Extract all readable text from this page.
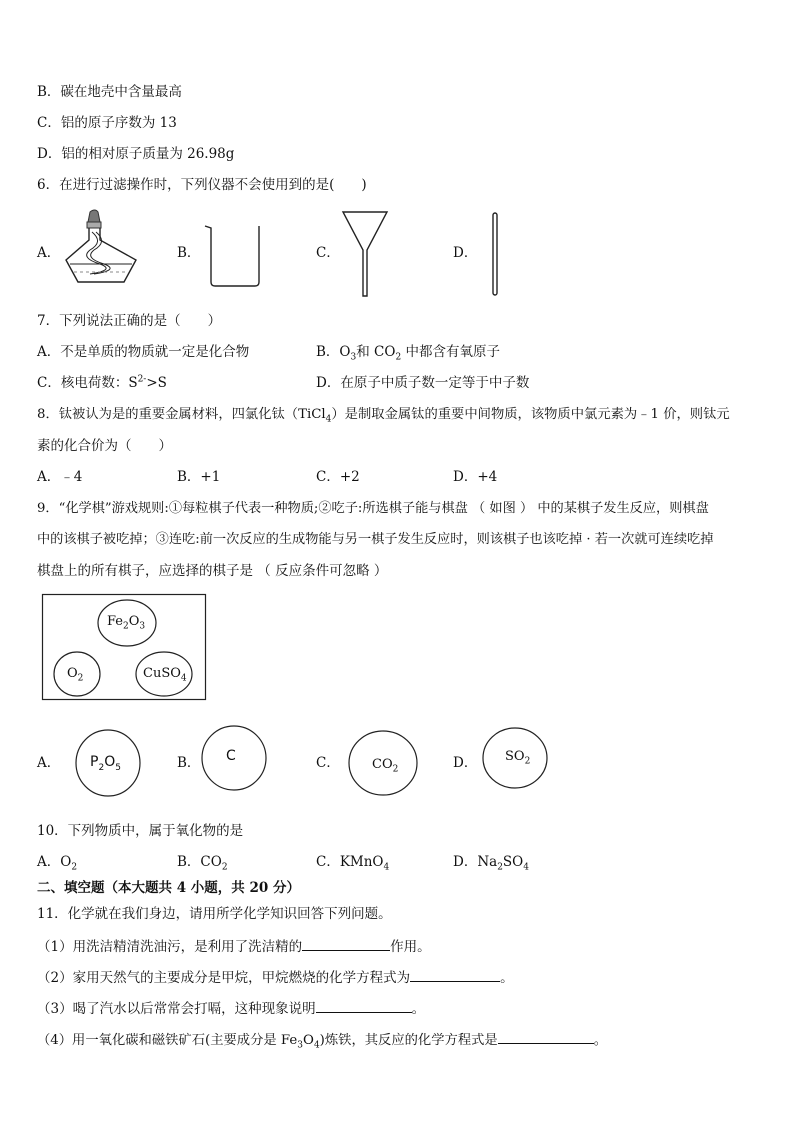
B．碳在地壳中含量最高
C．铝的原子序数为 13
D．铝的相对原子质量为 26.98g
6．在进行过滤操作时，下列仪器不会使用到的是(　　)
A．	B．	C．	D．
7．下列说法正确的是（　　）
A．不是单质的物质就一定是化合物	B．$O_3$和 $CO_2$ 中都含有氧原子
C．核电荷数：$S^{2-}>S$	D．在原子中质子数一定等于中子数
8．钛被认为是的重要金属材料，四氯化钛（TiCl$_4$）是制取金属钛的重要中间物质，该物质中氯元素为﹣1 价，则钛元
素的化合价为（　　）
A．﹣4	B．+1	C．+2	D．+4
9．“化学棋”游戏规则:①每粒棋子代表一种物质;②吃子:所选棋子能与棋盘 （ 如图 ） 中的某棋子发生反应，则棋盘
中的该棋子被吃掉；③连吃:前一次反应的生成物能与另一棋子发生反应时，则该棋子也该吃掉 · 若一次就可连续吃掉
棋盘上的所有棋子，应选择的棋子是 （ 反应条件可忽略 ）
$Fe_2O_3$
$O_2$	CuSO$_4$
A． $P_2O_5$	B． C	C． $CO_2$	D． $SO_2$
10．下列物质中，属于氧化物的是
A．$O_2$	B．$CO_2$	C．KMnO$_4$	D．$Na_2SO_4$
二、填空题（本大题共 4 小题，共 20 分）
11．化学就在我们身边，请用所学化学知识回答下列问题。
（1）用洗洁精清洗油污，是利用了洗洁精的	作用。
（2）家用天然气的主要成分是甲烷，甲烷燃烧的化学方程式为	。
（3）喝了汽水以后常常会打嗝，这种现象说明	。
（4）用一氧化碳和磁铁矿石(主要成分是 $Fe_3O_4$)炼铁，其反应的化学方程式是	。
